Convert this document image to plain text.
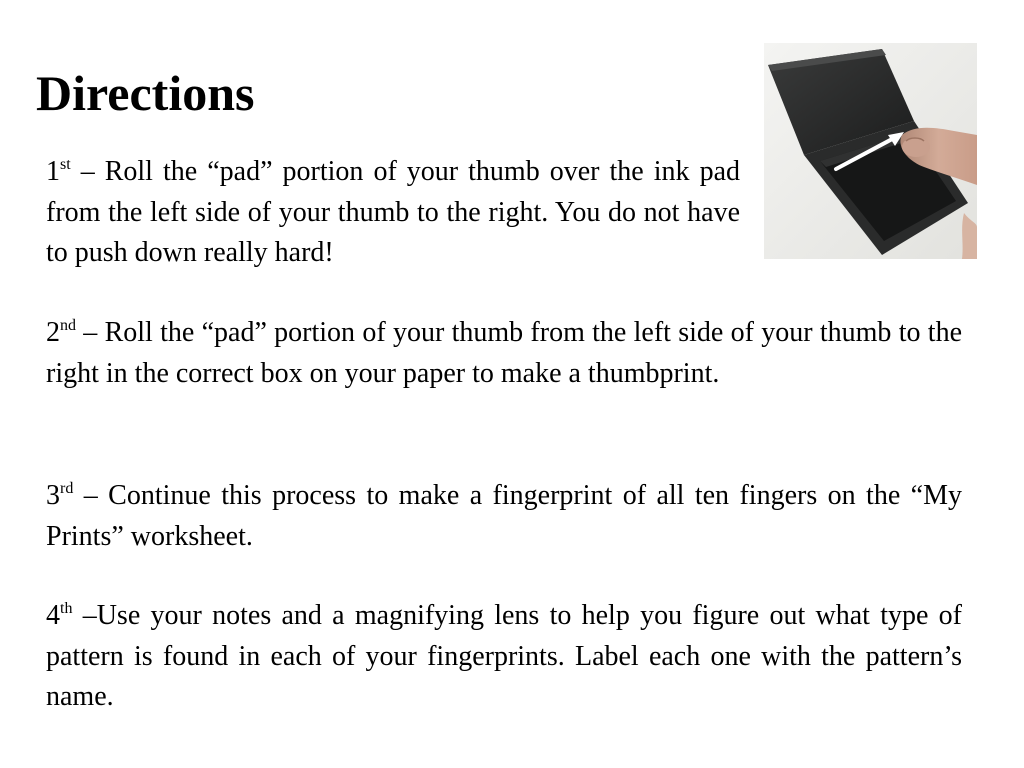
Directions

1st – Roll the “pad” portion of your thumb over the ink pad from the left side of your thumb to the right. You do not have to push down really hard!

2nd – Roll the “pad” portion of your thumb from the left side of your thumb to the right in the correct box on your paper to make a thumbprint.

3rd – Continue this process to make a fingerprint of all ten fingers on the “My Prints” worksheet.

4th –Use your notes and a magnifying lens to help you figure out what type of pattern is found in each of your fingerprints. Label each one with the pattern’s name.
